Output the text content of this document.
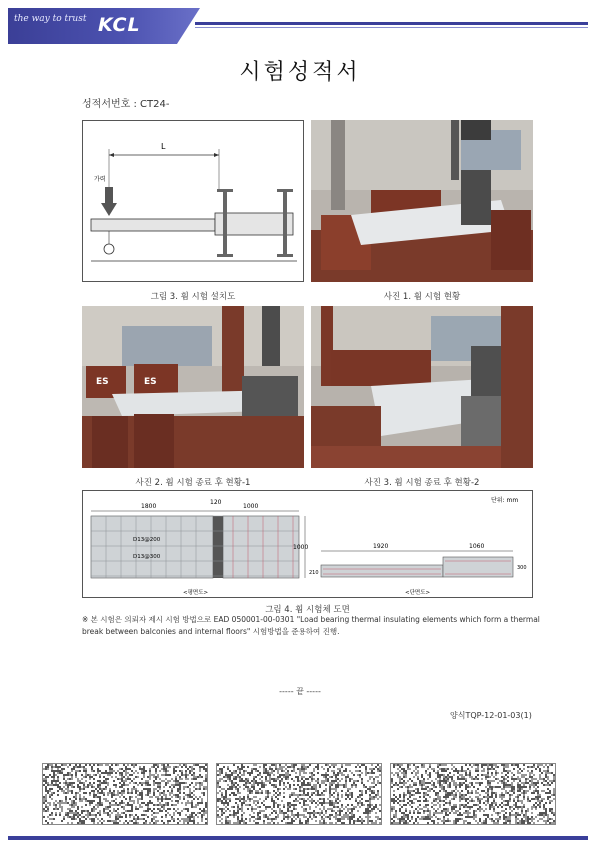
the way to trust KCL
시험성적서
성적서번호 : CT24-
L
가력
그림 3. 휨 시험 설치도	사진 1. 휨 시험 현황
ES	ES
사진 2. 휨 시험 종료 후 현황-1	사진 3. 휨 시험 종료 후 현황-2
단위: mm
1800
120
1000
D13@200
D13@300
1000
<평면도>
1920	1060
210
300
<단면도>
그림 4. 휨 시험체 도면
※ 본 시험은 의뢰자 제시 시험 방법으로 EAD 050001-00-0301 "Load bearing thermal insulating elements which form a thermal break between balconies and internal floors" 시험방법을 준용하여 진행.
----- 끝 -----
양식TQP-12-01-03(1)
